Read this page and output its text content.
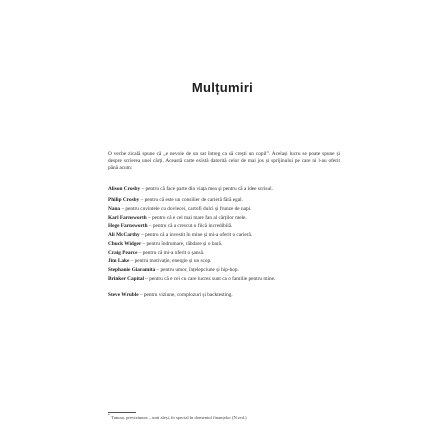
Mulțumiri

O veche zicală spune că „e nevoie de un sat întreg ca să crești un copil”. Același lucru se poate spune și despre scrierea unei cărți. Această carte există datorită celor de mai jos și sprijinului pe care ni l-au oferit până acum:

Alison Crosby – pentru că face parte din viața mea și pentru că a idee scrisul.
Philip Crosby – pentru că este un consilier de carieră fără egal.
Nana – pentru cuvintele cu dovlecei, cartofi dulci și frunze de napi.
Karl Farnsworth – pentru că e cel mai mare fan al cărților mele.
Hege Farnsworth – pentru că a crescut o fiică incredibilă.
Ali McCarthy – pentru că a investit în mine și mi-a oferit o carieră.
Chuck Widger – pentru îndrumare, răbdare și o bară.
Craig Pearce – pentru că mi-a oferit o șansă.
Jim Lake – pentru motivație, energie și un scop.
Stephanie Giaramita – pentru umor, înțelepciune și hip-hop.
Brinker Capital – pentru că e cei cu care lucrez sunt ca o familie pentru mine.
Steve Wruble – pentru viziune, complozuri și backtesting.
* Tumna, previziunea – unii aleși, în special în domeniul finanțelor (N.red.)
